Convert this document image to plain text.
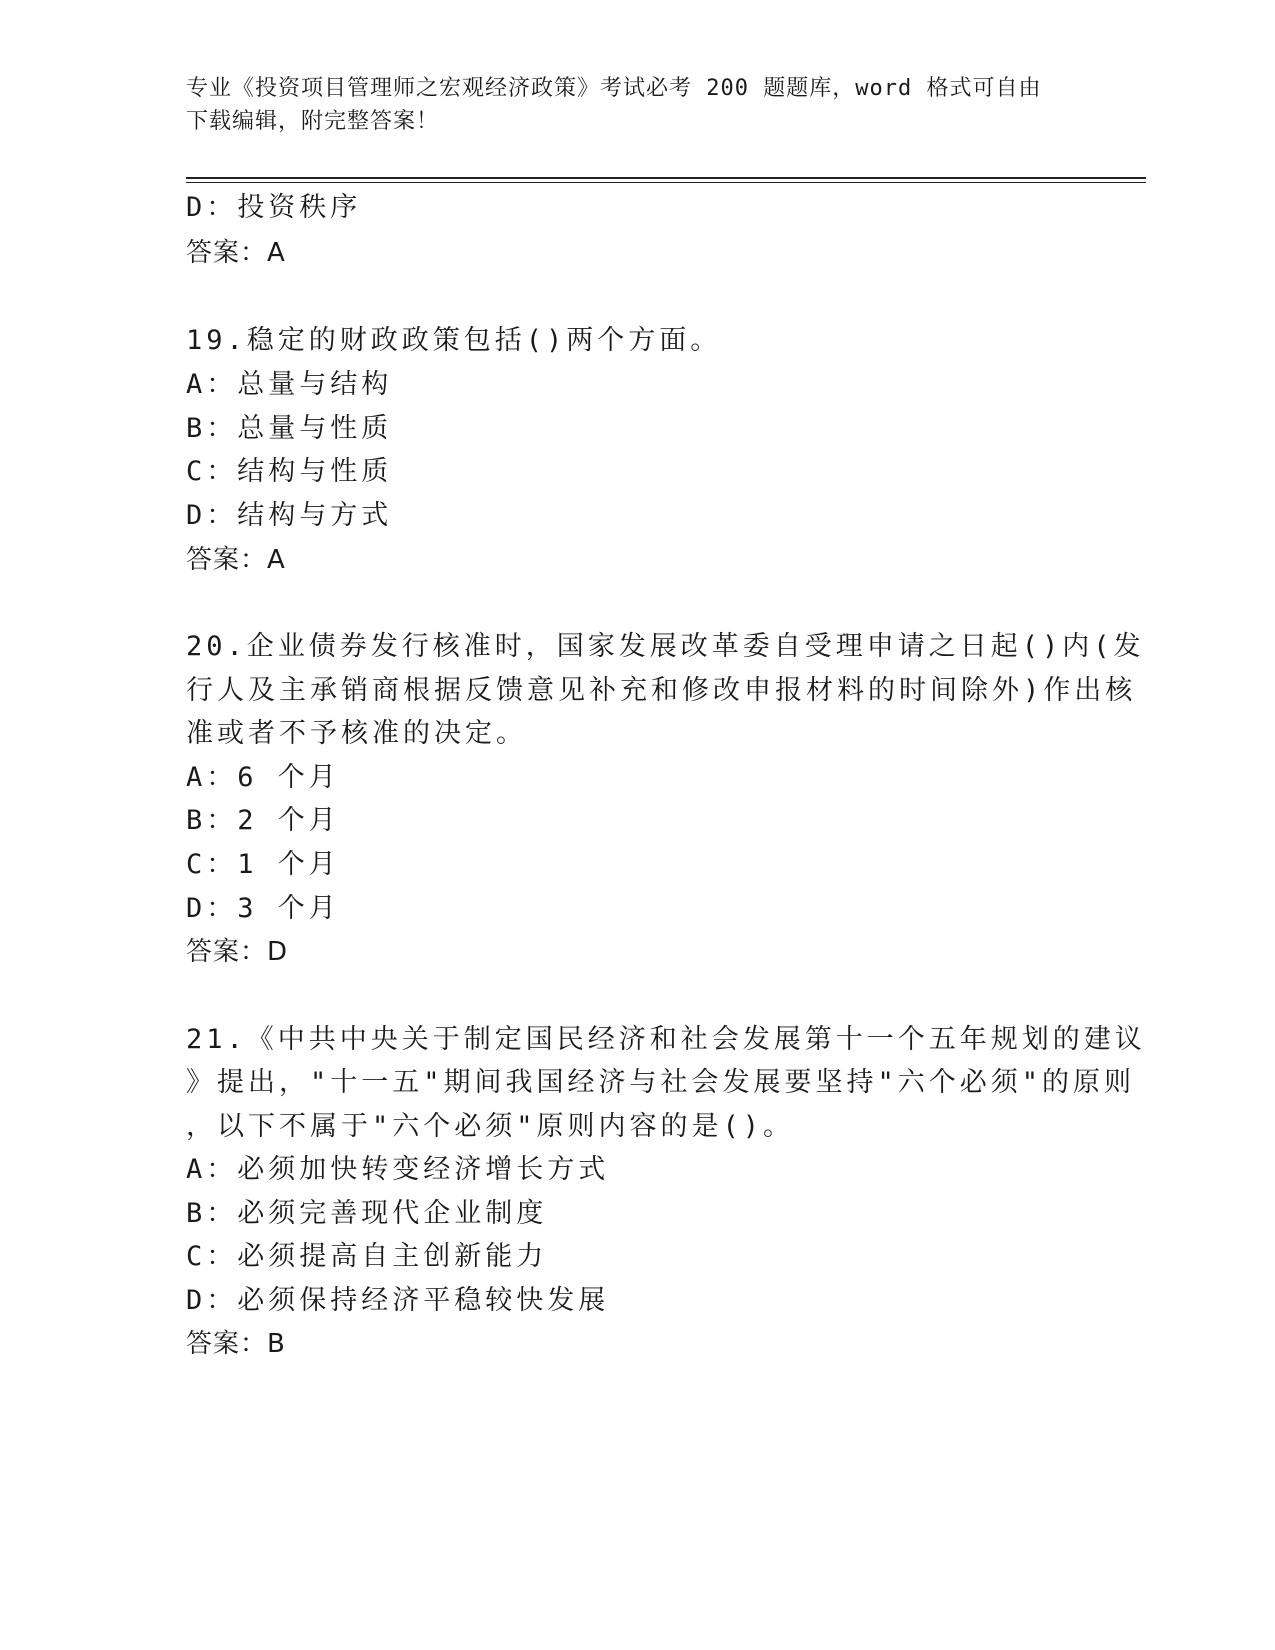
专业《投资项目管理师之宏观经济政策》考试必考 200 题题库，word 格式可自由
下载编辑，附完整答案！
D：投资秩序
答案：A
19.稳定的财政政策包括()两个方面。
A：总量与结构
B：总量与性质
C：结构与性质
D：结构与方式
答案：A
20.企业债券发行核准时，国家发展改革委自受理申请之日起()内(发
行人及主承销商根据反馈意见补充和修改申报材料的时间除外)作出核
准或者不予核准的决定。
A：6 个月
B：2 个月
C：1 个月
D：3 个月
答案：D
21.《中共中央关于制定国民经济和社会发展第十一个五年规划的建议
》提出，"十一五"期间我国经济与社会发展要坚持"六个必须"的原则
，以下不属于"六个必须"原则内容的是()。
A：必须加快转变经济增长方式
B：必须完善现代企业制度
C：必须提高自主创新能力
D：必须保持经济平稳较快发展
答案：B
